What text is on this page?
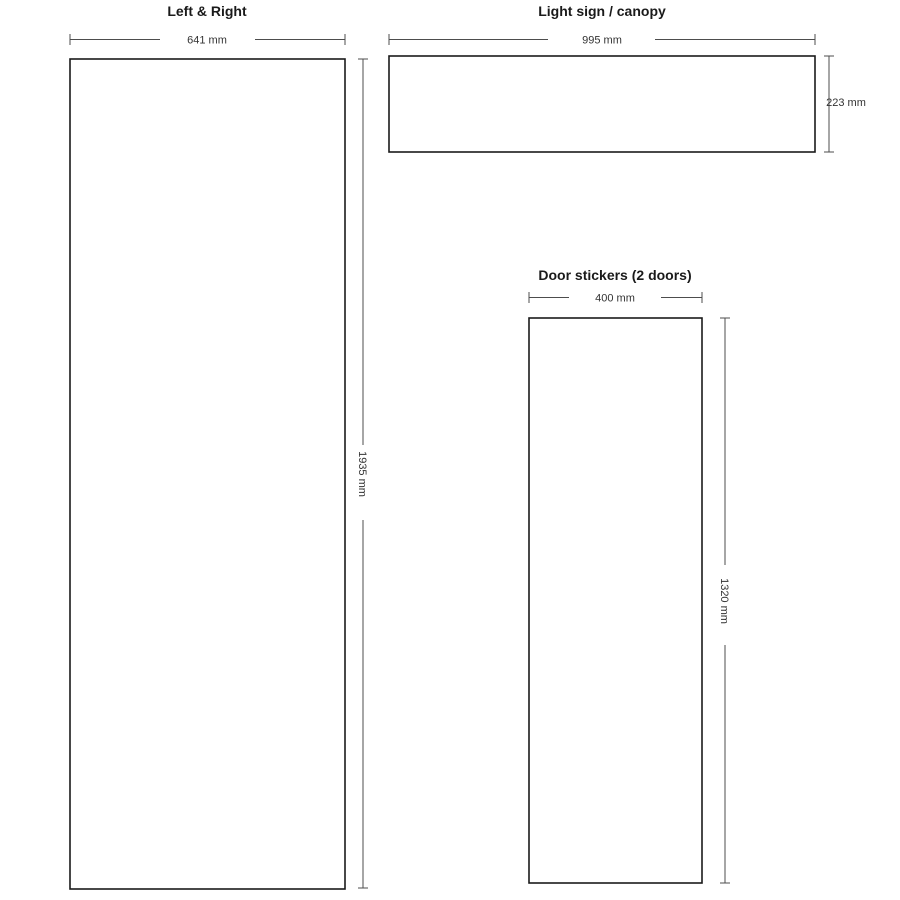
Left & Right
641 mm
1935 mm
Light sign / canopy
995 mm
223 mm
Door stickers (2 doors)
400 mm
1320 mm
